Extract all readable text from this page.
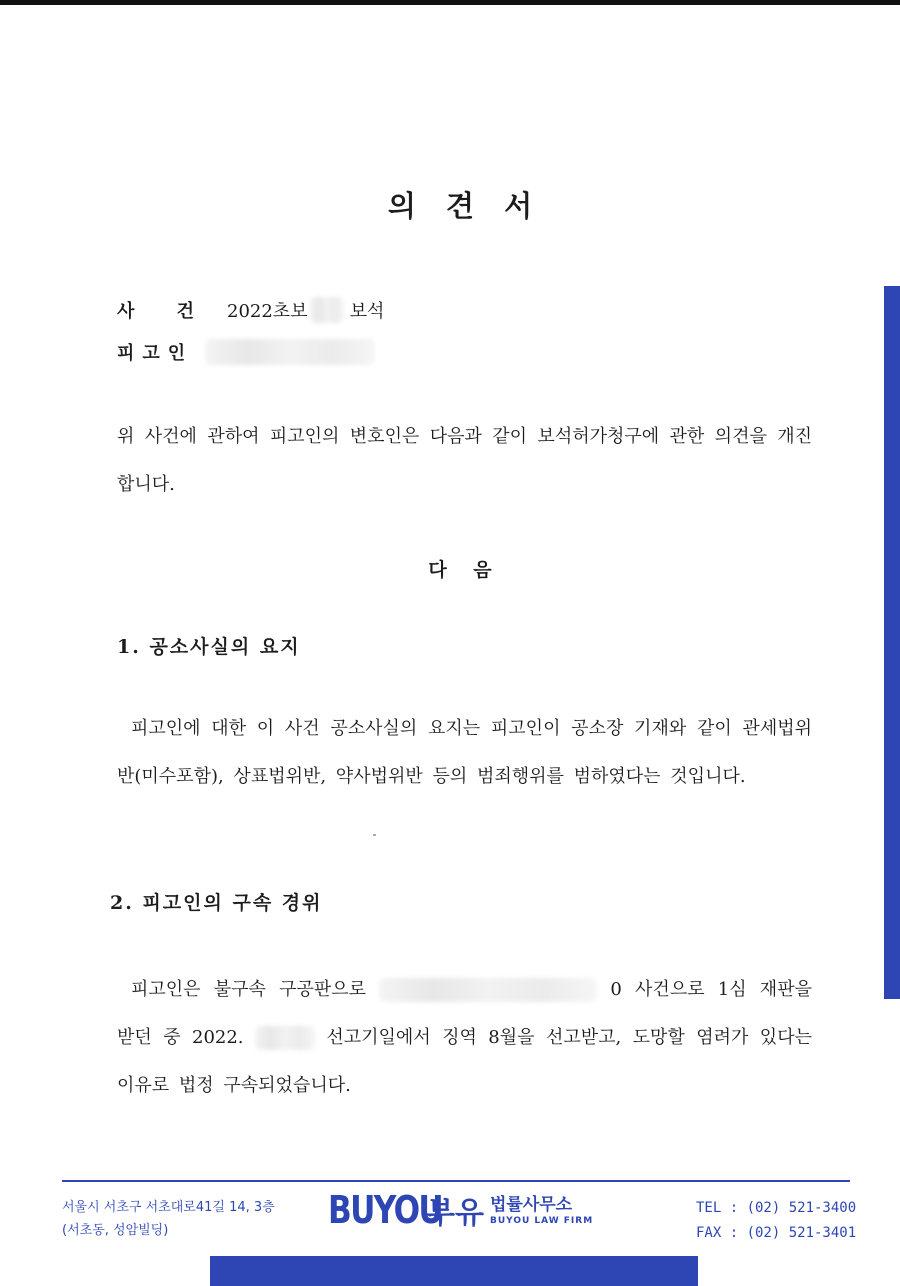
의 견 서
사 건 2022초보 보석
피고인
위 사건에 관하여 피고인의 변호인은 다음과 같이 보석허가청구에 관한 의견을 개진합니다.
다 음
1. 공소사실의 요지
피고인에 대한 이 사건 공소사실의 요지는 피고인이 공소장 기재와 같이 관세법위반(미수포함), 상표법위반, 약사법위반 등의 범죄행위를 범하였다는 것입니다.
2. 피고인의 구속 경위
피고인은 불구속 구공판으로	0 사건으로 1심 재판을 받던 중 2022.	선고기일에서 징역 8월을 선고받고, 도망할 염려가 있다는 이유로 법정 구속되었습니다.
서울시 서초구 서초대로41길 14, 3층
(서초동, 성암빌딩)	BUYOU
부유 법률사무소
BUYOU LAW FIRM
TEL : (02) 521-3400
FAX : (02) 521-3401
